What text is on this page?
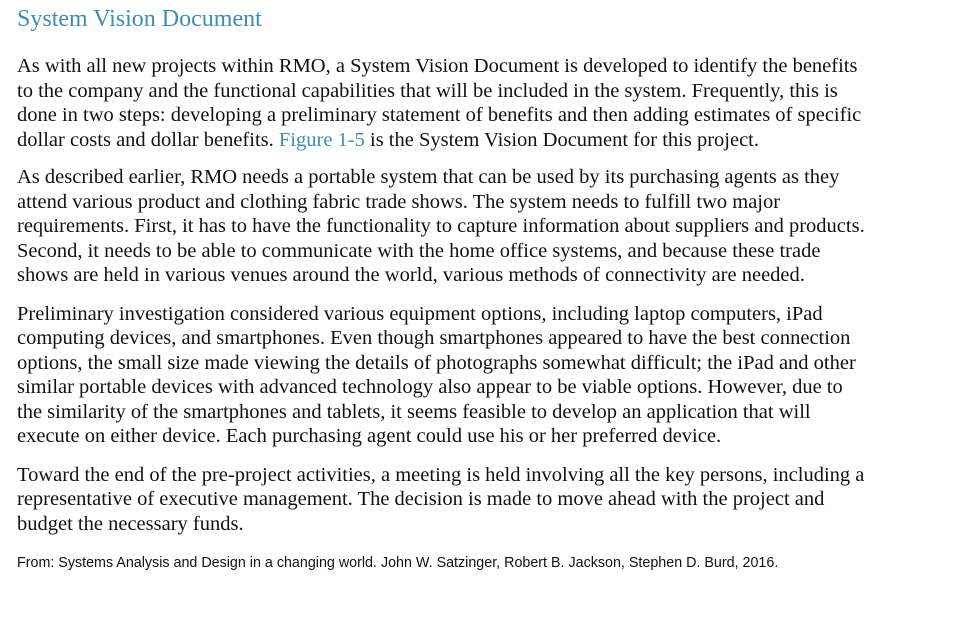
System Vision Document
As with all new projects within RMO, a System Vision Document is developed to identify the benefits
to the company and the functional capabilities that will be included in the system. Frequently, this is
done in two steps: developing a preliminary statement of benefits and then adding estimates of specific
dollar costs and dollar benefits. Figure 1-5 is the System Vision Document for this project.
As described earlier, RMO needs a portable system that can be used by its purchasing agents as they
attend various product and clothing fabric trade shows. The system needs to fulfill two major
requirements. First, it has to have the functionality to capture information about suppliers and products.
Second, it needs to be able to communicate with the home office systems, and because these trade
shows are held in various venues around the world, various methods of connectivity are needed.
Preliminary investigation considered various equipment options, including laptop computers, iPad
computing devices, and smartphones. Even though smartphones appeared to have the best connection
options, the small size made viewing the details of photographs somewhat difficult; the iPad and other
similar portable devices with advanced technology also appear to be viable options. However, due to
the similarity of the smartphones and tablets, it seems feasible to develop an application that will
execute on either device. Each purchasing agent could use his or her preferred device.
Toward the end of the pre-project activities, a meeting is held involving all the key persons, including a
representative of executive management. The decision is made to move ahead with the project and
budget the necessary funds.
From: Systems Analysis and Design in a changing world. John W. Satzinger, Robert B. Jackson, Stephen D. Burd, 2016.
